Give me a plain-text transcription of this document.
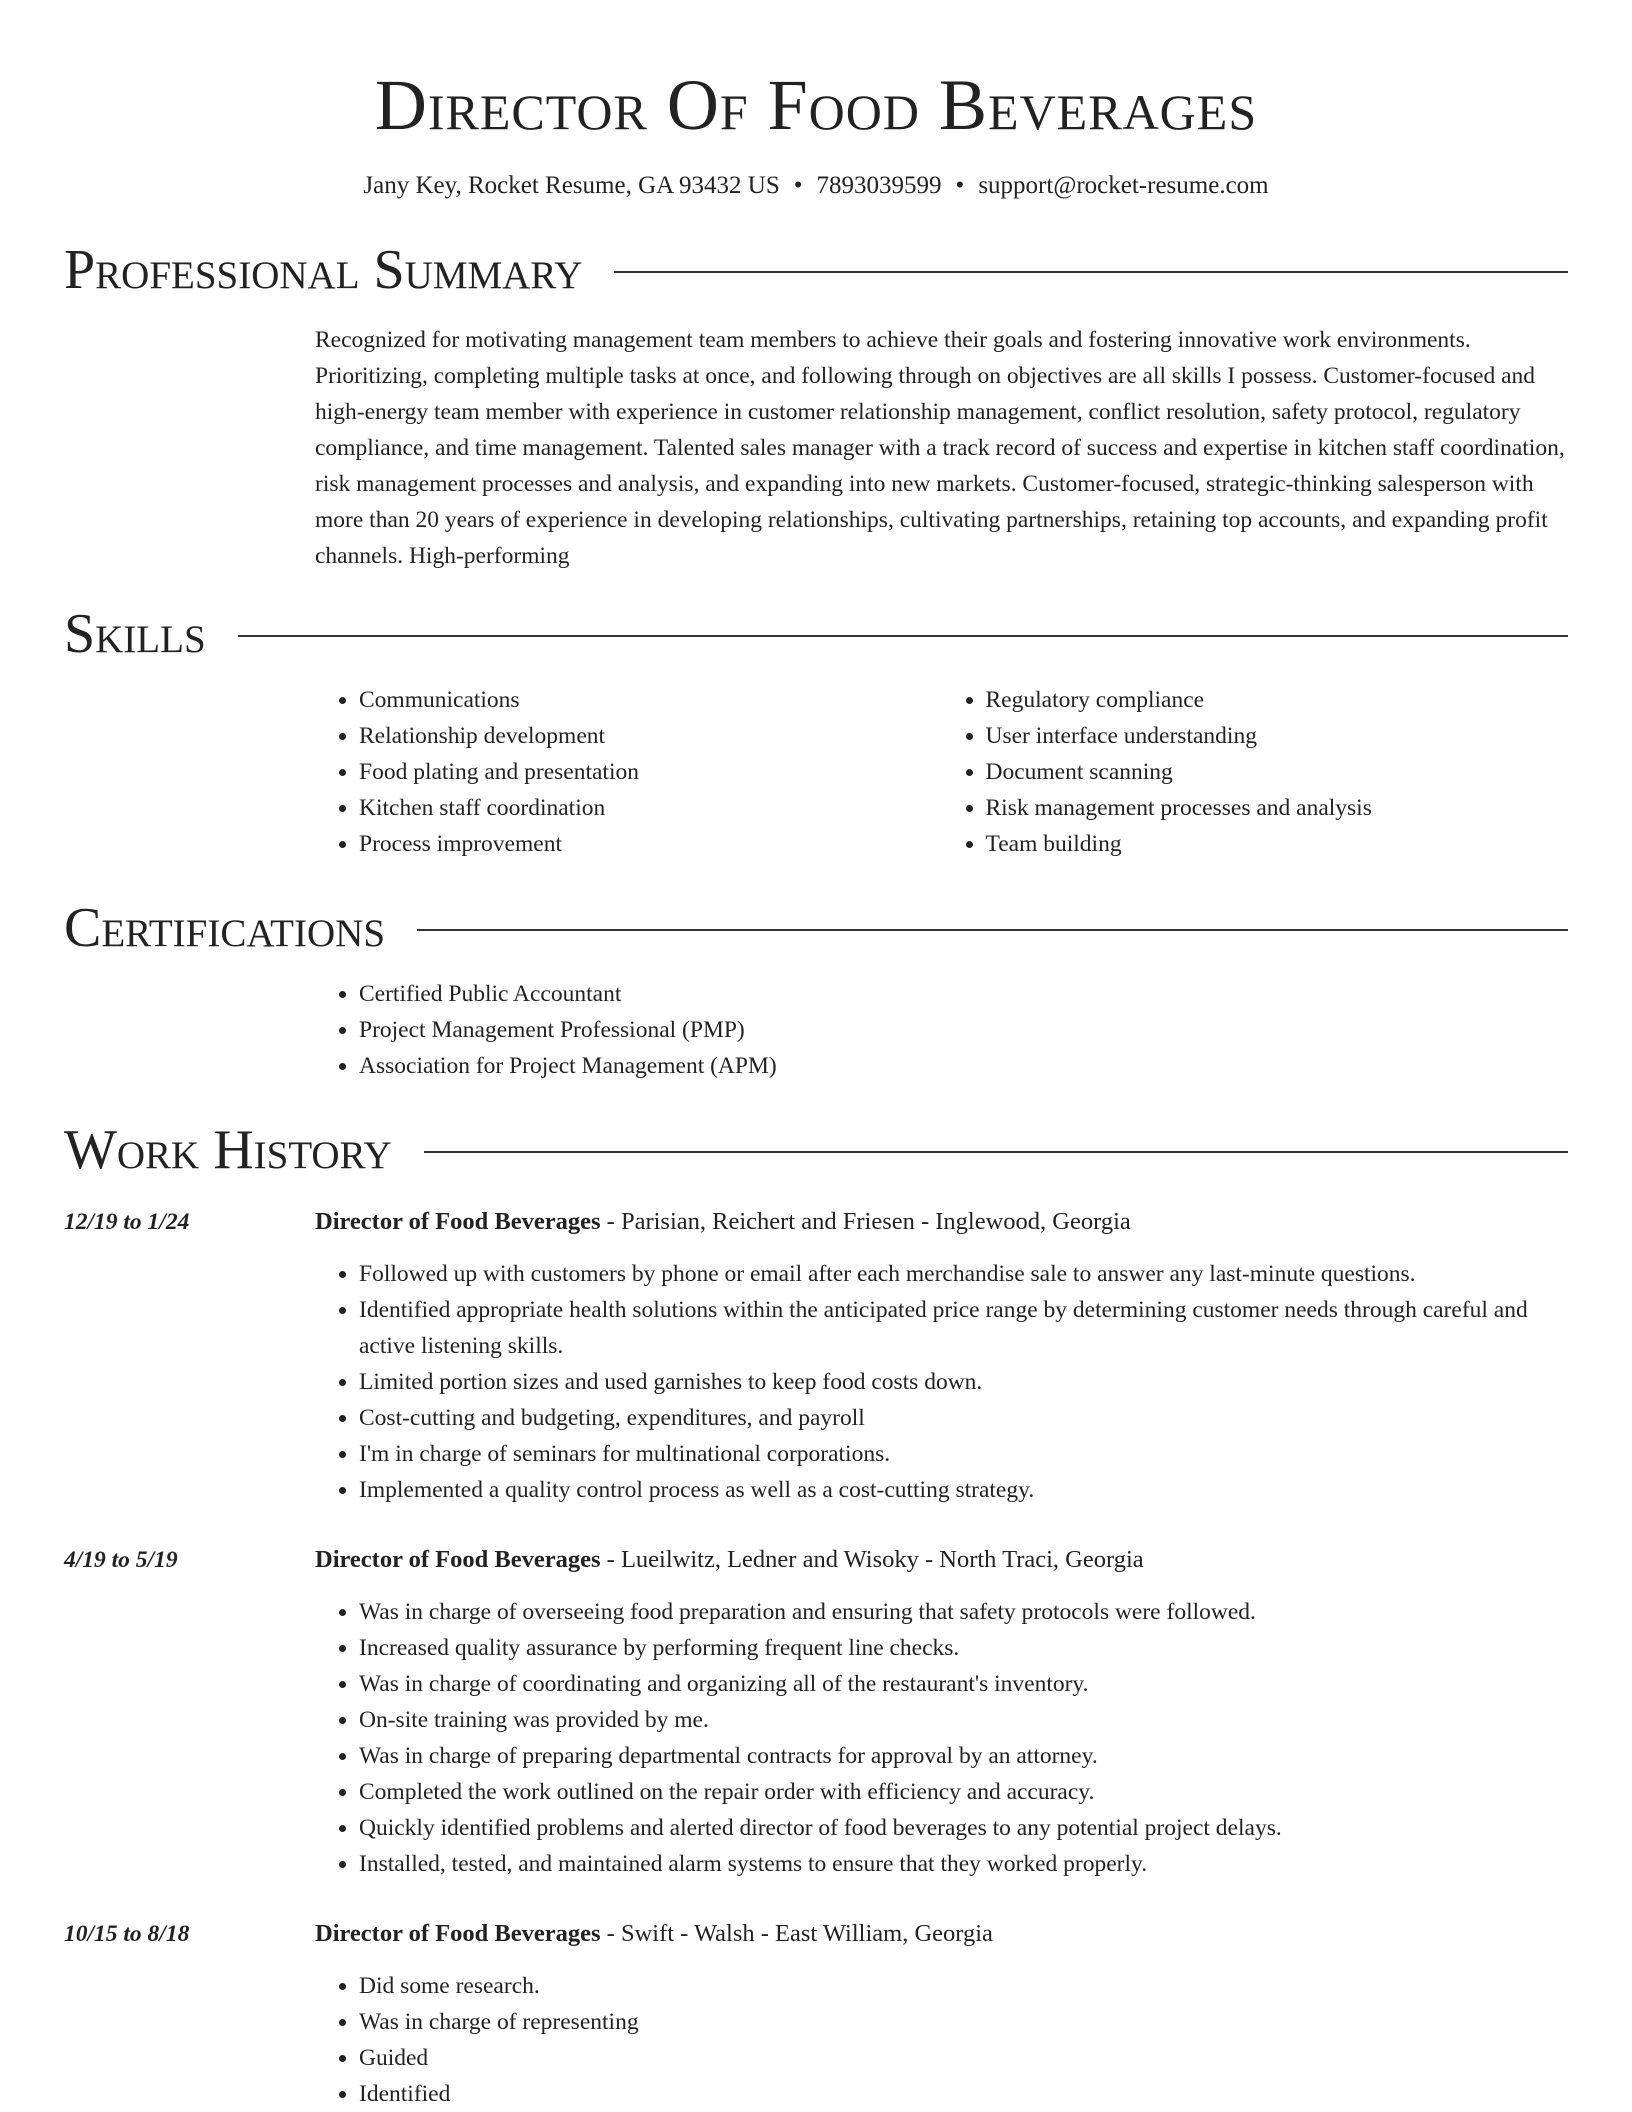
Director Of Food Beverages
Jany Key, Rocket Resume, GA 93432 US • 7893039599 • support@rocket-resume.com
Professional Summary
Recognized for motivating management team members to achieve their goals and fostering innovative work environments. Prioritizing, completing multiple tasks at once, and following through on objectives are all skills I possess. Customer-focused and high-energy team member with experience in customer relationship management, conflict resolution, safety protocol, regulatory compliance, and time management. Talented sales manager with a track record of success and expertise in kitchen staff coordination, risk management processes and analysis, and expanding into new markets. Customer-focused, strategic-thinking salesperson with more than 20 years of experience in developing relationships, cultivating partnerships, retaining top accounts, and expanding profit channels. High-performing
Skills
• Communications
• Relationship development
• Food plating and presentation
• Kitchen staff coordination
• Process improvement
• Regulatory compliance
• User interface understanding
• Document scanning
• Risk management processes and analysis
• Team building
Certifications
• Certified Public Accountant
• Project Management Professional (PMP)
• Association for Project Management (APM)
Work History
12/19 to 1/24	Director of Food Beverages - Parisian, Reichert and Friesen - Inglewood, Georgia
• Followed up with customers by phone or email after each merchandise sale to answer any last-minute questions.
• Identified appropriate health solutions within the anticipated price range by determining customer needs through careful and active listening skills.
• Limited portion sizes and used garnishes to keep food costs down.
• Cost-cutting and budgeting, expenditures, and payroll
• I'm in charge of seminars for multinational corporations.
• Implemented a quality control process as well as a cost-cutting strategy.
4/19 to 5/19	Director of Food Beverages - Lueilwitz, Ledner and Wisoky - North Traci, Georgia
• Was in charge of overseeing food preparation and ensuring that safety protocols were followed.
• Increased quality assurance by performing frequent line checks.
• Was in charge of coordinating and organizing all of the restaurant's inventory.
• On-site training was provided by me.
• Was in charge of preparing departmental contracts for approval by an attorney.
• Completed the work outlined on the repair order with efficiency and accuracy.
• Quickly identified problems and alerted director of food beverages to any potential project delays.
• Installed, tested, and maintained alarm systems to ensure that they worked properly.
10/15 to 8/18	Director of Food Beverages - Swift - Walsh - East William, Georgia
• Did some research.
• Was in charge of representing
• Guided
• Identified
